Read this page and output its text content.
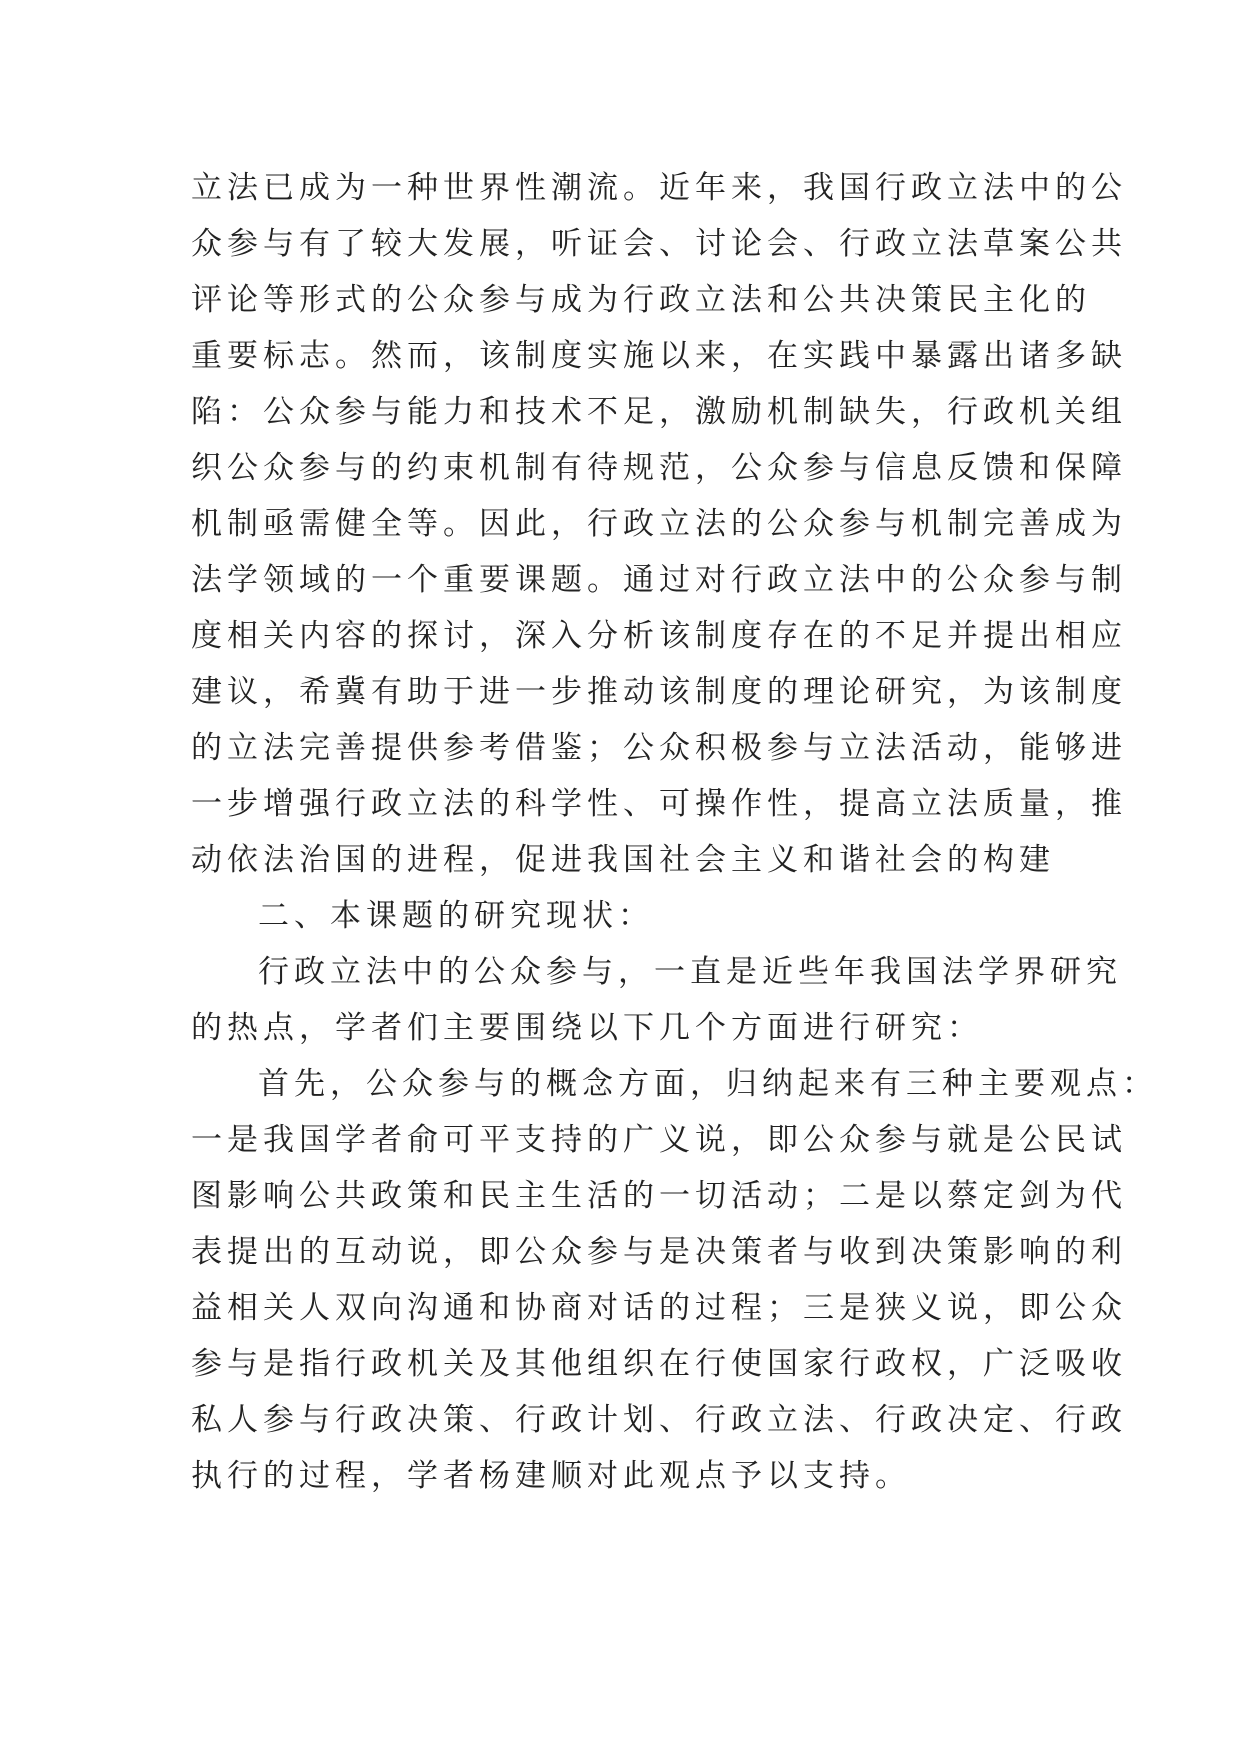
立法已成为一种世界性潮流。近年来，我国行政立法中的公
众参与有了较大发展，听证会、讨论会、行政立法草案公共
评论等形式的公众参与成为行政立法和公共决策民主化的
重要标志。然而，该制度实施以来，在实践中暴露出诸多缺
陷：公众参与能力和技术不足，激励机制缺失，行政机关组
织公众参与的约束机制有待规范，公众参与信息反馈和保障
机制亟需健全等。因此，行政立法的公众参与机制完善成为
法学领域的一个重要课题。通过对行政立法中的公众参与制
度相关内容的探讨，深入分析该制度存在的不足并提出相应
建议，希冀有助于进一步推动该制度的理论研究，为该制度
的立法完善提供参考借鉴；公众积极参与立法活动，能够进
一步增强行政立法的科学性、可操作性，提高立法质量，推
动依法治国的进程，促进我国社会主义和谐社会的构建
二、本课题的研究现状：
行政立法中的公众参与，一直是近些年我国法学界研究
的热点，学者们主要围绕以下几个方面进行研究：
首先，公众参与的概念方面，归纳起来有三种主要观点：
一是我国学者俞可平支持的广义说，即公众参与就是公民试
图影响公共政策和民主生活的一切活动；二是以蔡定剑为代
表提出的互动说，即公众参与是决策者与收到决策影响的利
益相关人双向沟通和协商对话的过程；三是狭义说，即公众
参与是指行政机关及其他组织在行使国家行政权，广泛吸收
私人参与行政决策、行政计划、行政立法、行政决定、行政
执行的过程，学者杨建顺对此观点予以支持。
